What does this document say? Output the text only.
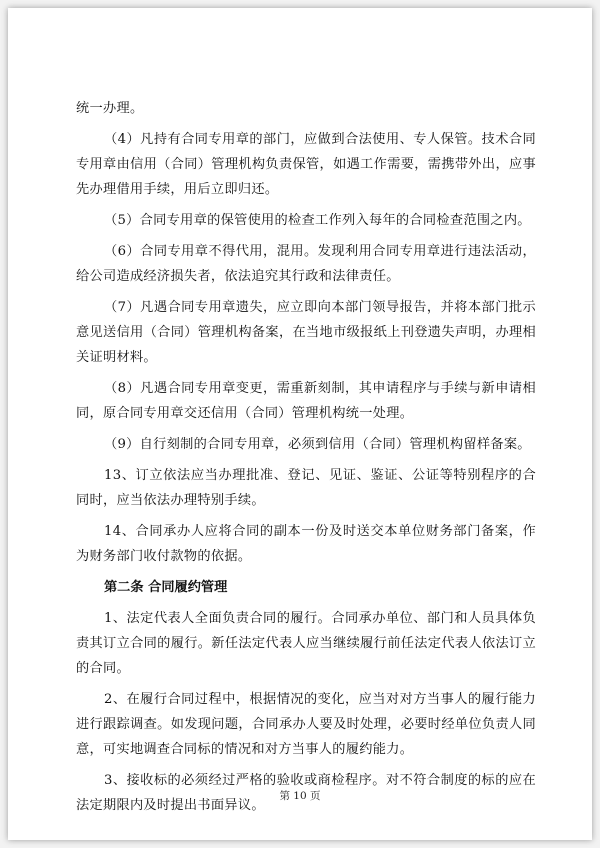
统一办理。

（4）凡持有合同专用章的部门，应做到合法使用、专人保管。技术合同专用章由信用（合同）管理机构负责保管，如遇工作需要，需携带外出，应事先办理借用手续，用后立即归还。

（5）合同专用章的保管使用的检查工作列入每年的合同检查范围之内。

（6）合同专用章不得代用，混用。发现利用合同专用章进行违法活动，给公司造成经济损失者，依法追究其行政和法律责任。

（7）凡遇合同专用章遗失，应立即向本部门领导报告，并将本部门批示意见送信用（合同）管理机构备案，在当地市级报纸上刊登遗失声明，办理相关证明材料。

（8）凡遇合同专用章变更，需重新刻制，其申请程序与手续与新申请相同，原合同专用章交还信用（合同）管理机构统一处理。

（9）自行刻制的合同专用章，必须到信用（合同）管理机构留样备案。

13、订立依法应当办理批准、登记、见证、鉴证、公证等特别程序的合同时，应当依法办理特别手续。

14、合同承办人应将合同的副本一份及时送交本单位财务部门备案，作为财务部门收付款物的依据。

第二条 合同履约管理

1、法定代表人全面负责合同的履行。合同承办单位、部门和人员具体负责其订立合同的履行。新任法定代表人应当继续履行前任法定代表人依法订立的合同。

2、在履行合同过程中，根据情况的变化，应当对对方当事人的履行能力进行跟踪调查。如发现问题，合同承办人要及时处理，必要时经单位负责人同意，可实地调查合同标的情况和对方当事人的履约能力。

3、接收标的必须经过严格的验收或商检程序。对不符合制度的标的应在法定期限内及时提出书面异议。

第 10 页
